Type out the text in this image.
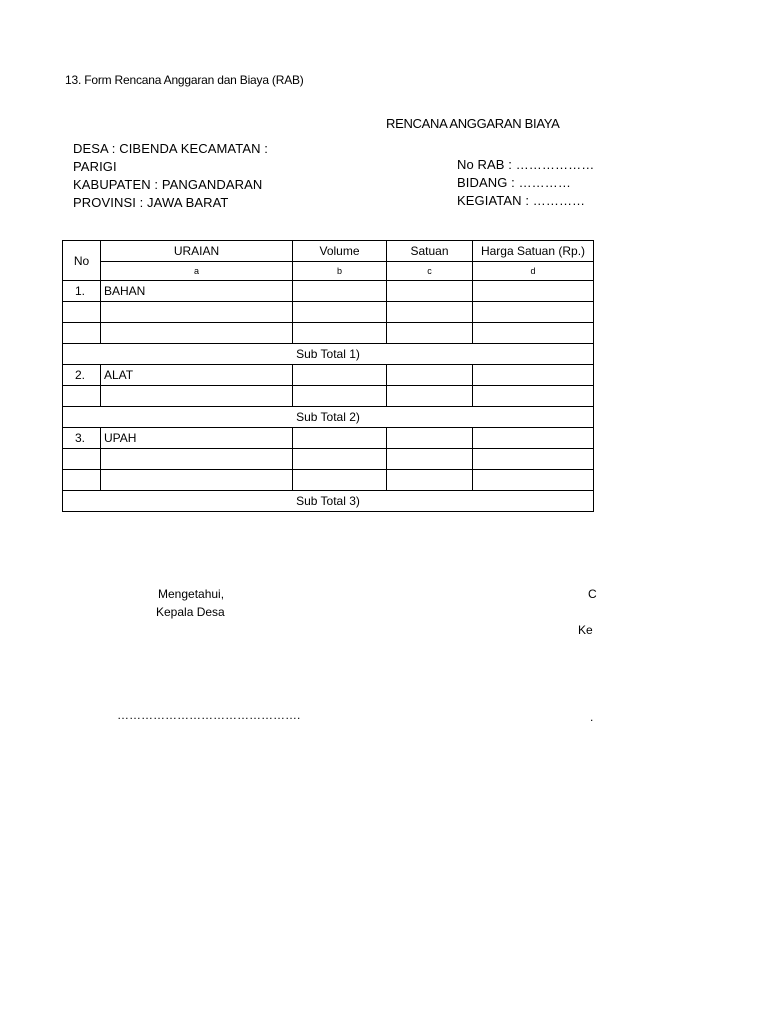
13. Form Rencana Anggaran dan Biaya (RAB)
RENCANA ANGGARAN BIAYA
DESA : CIBENDA KECAMATAN :
PARIGI
KABUPATEN : PANGANDARAN
PROVINSI : JAWA BARAT
No RAB : ………………
BIDANG : …………
KEGIATAN : …………
No	URAIAN	Volume	Satuan	Harga Satuan (Rp.)
	a	b	c	d
1.	BAHAN			

Sub Total 1)				
2.	ALAT			

Sub Total 2)				
3.	UPAH			

Sub Total 3)				
Mengetahui,
Kepala Desa
……………………………………….
C
Ke
.
